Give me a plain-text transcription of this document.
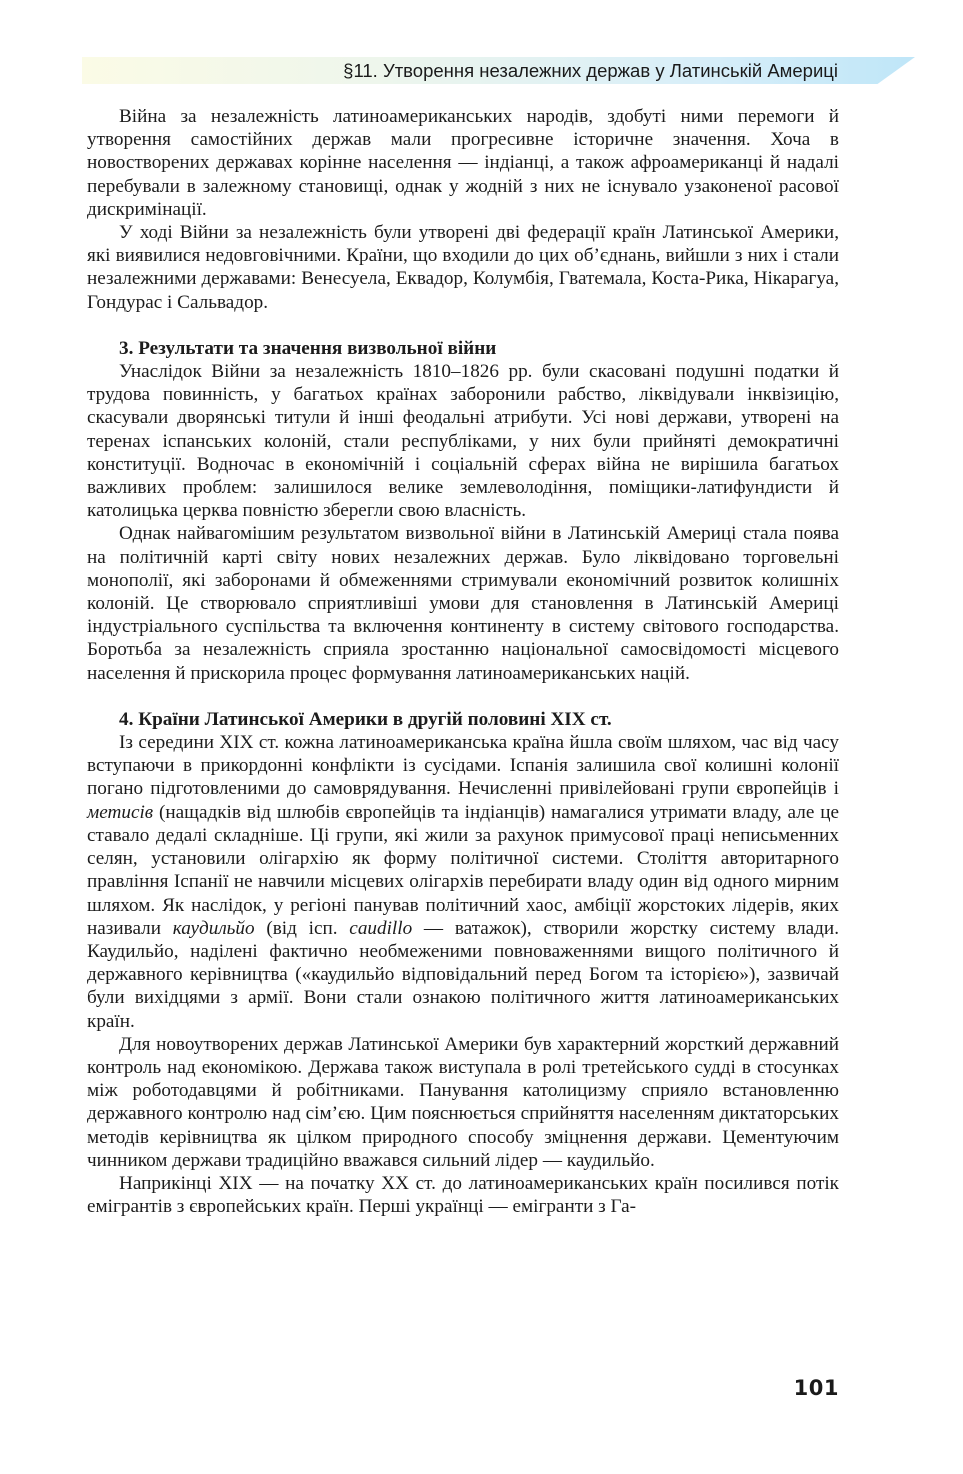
§11. Утворення незалежних держав у Латинській Америці

Війна за незалежність латиноамериканських народів, здобуті ними перемоги й утворення самостійних держав мали прогресивне історичне значення. Хоча в новостворених державах корінне населення — індіанці, а також афроамериканці й надалі перебували в залежному становищі, однак у жодній з них не існувало узаконеної расової дискримінації.

У ході Війни за незалежність були утворені дві федерації країн Латинської Америки, які виявилися недовговічними. Країни, що входили до цих об’єднань, вийшли з них і стали незалежними державами: Венесуела, Еквадор, Колумбія, Гватемала, Коста-Рика, Нікарагуа, Гондурас і Сальвадор.

3. Результати та значення визвольної війни

Унаслідок Війни за незалежність 1810–1826 рр. були скасовані подушні податки й трудова повинність, у багатьох країнах заборонили рабство, ліквідували інквізицію, скасували дворянські титули й інші феодальні атрибути. Усі нові держави, утворені на теренах іспанських колоній, стали республіками, у них були прийняті демократичні конституції. Водночас в економічній і соціальній сферах війна не вирішила багатьох важливих проблем: залишилося велике землеволодіння, поміщики-латифундисти й католицька церква повністю зберегли свою власність.

Однак найвагомішим результатом визвольної війни в Латинській Америці стала поява на політичній карті світу нових незалежних держав. Було ліквідовано торговельні монополії, які заборонами й обмеженнями стримували економічний розвиток колишніх колоній. Це створювало сприятливіші умови для становлення в Латинській Америці індустріального суспільства та включення континенту в систему світового господарства. Боротьба за незалежність сприяла зростанню національної самосвідомості місцевого населення й прискорила процес формування латиноамериканських націй.

4. Країни Латинської Америки в другій половині XIX ст.

Із середини XIX ст. кожна латиноамериканська країна йшла своїм шляхом, час від часу вступаючи в прикордонні конфлікти із сусідами. Іспанія залишила свої колишні колонії погано підготовленими до самоврядування. Нечисленні привілейовані групи європейців і метисів (нащадків від шлюбів європейців та індіанців) намагалися утримати владу, але це ставало дедалі складніше. Ці групи, які жили за рахунок примусової праці неписьменних селян, установили олігархію як форму політичної системи. Століття авторитарного правління Іспанії не навчили місцевих олігархів перебирати владу один від одного мирним шляхом. Як наслідок, у регіоні панував політичний хаос, амбіції жорстоких лідерів, яких називали каудильйо (від ісп. caudillo — ватажок), створили жорстку систему влади. Каудильйо, наділені фактично необмеженими повноваженнями вищого політичного й державного керівництва («каудильйо відповідальний перед Богом та історією»), зазвичай були вихідцями з армії. Вони стали ознакою політичного життя латиноамериканських країн.

Для новоутворених держав Латинської Америки був характерний жорсткий державний контроль над економікою. Держава також виступала в ролі третейського судді в стосунках між роботодавцями й робітниками. Панування католицизму сприяло встановленню державного контролю над сім’єю. Цим пояснюється сприйняття населенням диктаторських методів керівництва як цілком природного способу зміцнення держави. Цементуючим чинником держави традиційно вважався сильний лідер — каудильйо.

Наприкінці XIX — на початку XX ст. до латиноамериканських країн посилився потік емігрантів з європейських країн. Перші українці — емігранти з Га-

101
